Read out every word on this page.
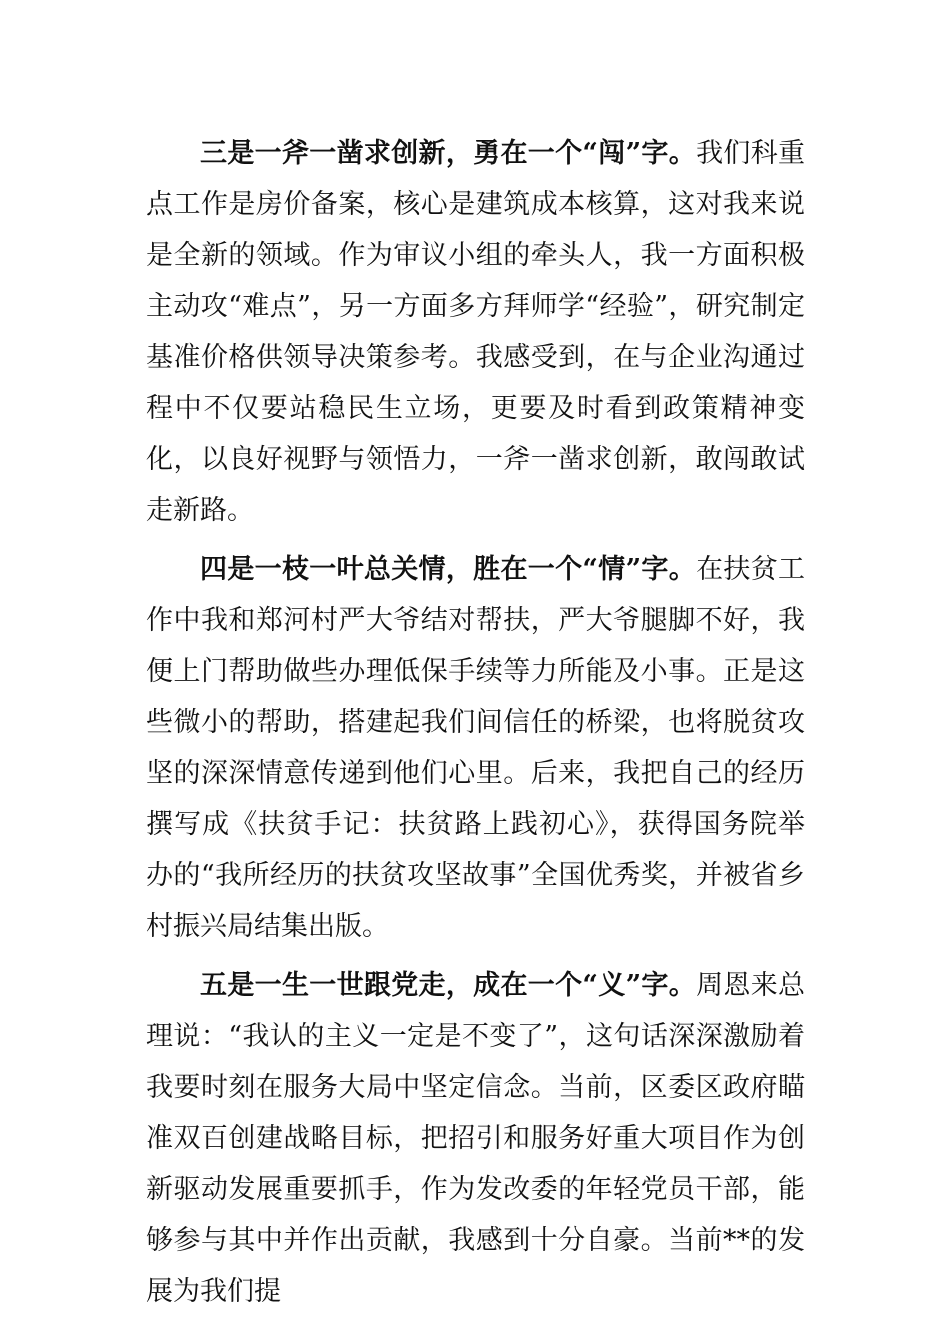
三是一斧一凿求创新，勇在一个“闯”字。我们科重点工作是房价备案，核心是建筑成本核算，这对我来说是全新的领域。作为审议小组的牵头人，我一方面积极主动攻“难点”，另一方面多方拜师学“经验”，研究制定基准价格供领导决策参考。我感受到，在与企业沟通过程中不仅要站稳民生立场，更要及时看到政策精神变化，以良好视野与领悟力，一斧一凿求创新，敢闯敢试走新路。

四是一枝一叶总关情，胜在一个“情”字。在扶贫工作中我和郑河村严大爷结对帮扶，严大爷腿脚不好，我便上门帮助做些办理低保手续等力所能及小事。正是这些微小的帮助，搭建起我们间信任的桥梁，也将脱贫攻坚的深深情意传递到他们心里。后来，我把自己的经历撰写成《扶贫手记：扶贫路上践初心》，获得国务院举办的“我所经历的扶贫攻坚故事”全国优秀奖，并被省乡村振兴局结集出版。

五是一生一世跟党走，成在一个“义”字。周恩来总理说：“我认的主义一定是不变了”，这句话深深激励着我要时刻在服务大局中坚定信念。当前，区委区政府瞄准双百创建战略目标，把招引和服务好重大项目作为创新驱动发展重要抓手，作为发改委的年轻党员干部，能够参与其中并作出贡献，我感到十分自豪。当前**的发展为我们提
